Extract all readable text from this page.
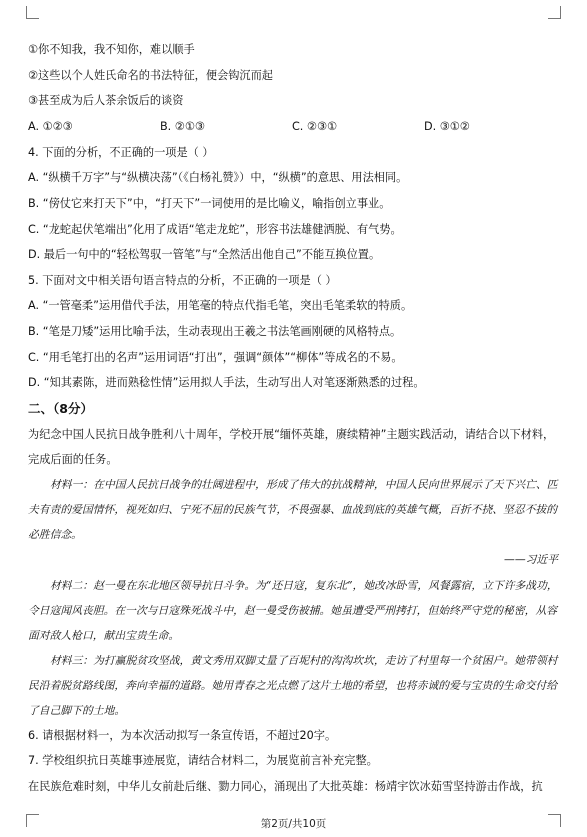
①你不知我，我不知你，难以顺手
②这些以个人姓氏命名的书法特征，便会钩沉而起
③甚至成为后人茶余饭后的谈资
A. ①②③	B. ②①③	C. ②③①	D. ③①②
4. 下面的分析，不正确的一项是（ ）
A. “纵横千万字”与“纵横决荡”（《白杨礼赞》）中，“纵横”的意思、用法相同。
B. “傍仗它来打天下”中，“打天下”一词使用的是比喻义，喻指创立事业。
C. “龙蛇起伏笔端出”化用了成语“笔走龙蛇”，形容书法雄健洒脱、有气势。
D. 最后一句中的“轻松驾驭一管笔”与“全然活出他自己”不能互换位置。
5. 下面对文中相关语句语言特点的分析，不正确的一项是（ ）
A. “一管毫柔”运用借代手法，用笔毫的特点代指毛笔，突出毛笔柔软的特质。
B. “笔是刀矮”运用比喻手法，生动表现出王羲之书法笔画刚硬的风格特点。
C. “用毛笔打出的名声”运用词语“打出”，强调“颜体”“柳体”等成名的不易。
D. “知其素陈，进而熟稔性情”运用拟人手法，生动写出人对笔逐渐熟悉的过程。
二、（8分）
为纪念中国人民抗日战争胜利八十周年，学校开展“缅怀英雄，赓续精神”主题实践活动，请结合以下材料，完成后面的任务。
材料一：在中国人民抗日战争的壮阔进程中，形成了伟大的抗战精神，中国人民向世界展示了天下兴亡、匹夫有责的爱国情怀，视死如归、宁死不屈的民族气节，不畏强暴、血战到底的英雄气概，百折不挠、坚忍不拔的必胜信念。
——习近平
材料二：赵一曼在东北地区领导抗日斗争。为“还日寇，复东北”，她改冰卧雪，风餐露宿，立下许多战功，令日寇闻风丧胆。在一次与日寇殊死战斗中，赵一曼受伤被捕。她虽遭受严刑拷打，但始终严守党的秘密，从容面对敌人枪口，献出宝贵生命。
材料三：为打赢脱贫攻坚战，黄文秀用双脚丈量了百坭村的沟沟坎坎，走访了村里每一个贫困户。她带领村民沿着脱贫路线图，奔向幸福的道路。她用青春之光点燃了这片土地的希望，也将赤诚的爱与宝贵的生命交付给了自己脚下的土地。
6. 请根据材料一，为本次活动拟写一条宣传语，不超过20字。
7. 学校组织抗日英雄事迹展览，请结合材料二，为展览前言补充完整。
在民族危难时刻，中华儿女前赴后继、勠力同心，涌现出了大批英雄：杨靖宇饮冰茹雪坚持游击作战，抗
第2页/共10页
